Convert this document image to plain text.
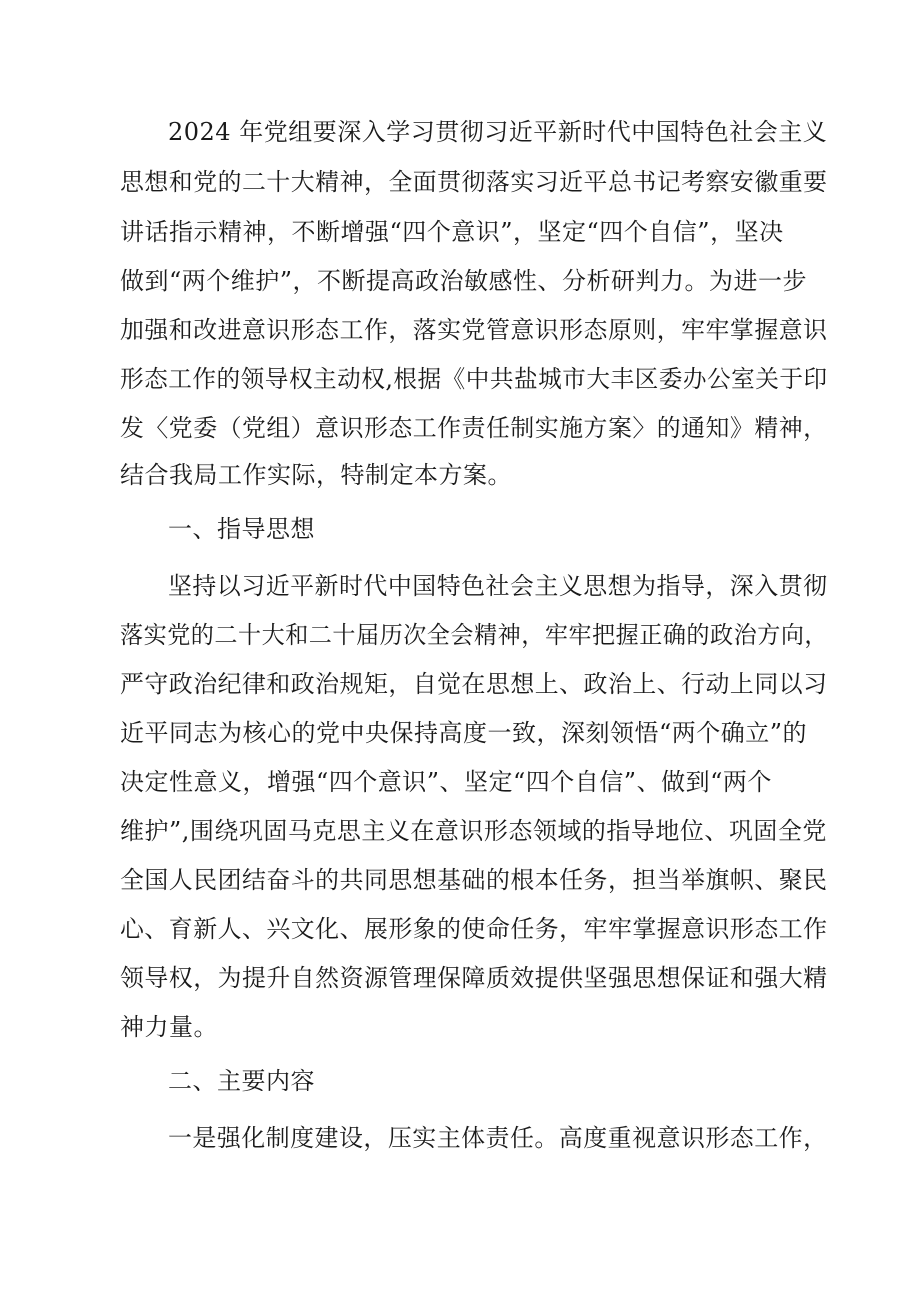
2024 年党组要深入学习贯彻习近平新时代中国特色社会主义
思想和党的二十大精神，全面贯彻落实习近平总书记考察安徽重要
讲话指示精神，不断增强“四个意识”，坚定“四个自信”，坚决
做到“两个维护”，不断提高政治敏感性、分析研判力。为进一步
加强和改进意识形态工作，落实党管意识形态原则，牢牢掌握意识
形态工作的领导权主动权,根据《中共盐城市大丰区委办公室关于印
发〈党委（党组）意识形态工作责任制实施方案〉的通知》精神，
结合我局工作实际，特制定本方案。
一、指导思想
坚持以习近平新时代中国特色社会主义思想为指导，深入贯彻
落实党的二十大和二十届历次全会精神，牢牢把握正确的政治方向，
严守政治纪律和政治规矩，自觉在思想上、政治上、行动上同以习
近平同志为核心的党中央保持高度一致，深刻领悟“两个确立”的
决定性意义，增强“四个意识”、坚定“四个自信”、做到“两个
维护”,围绕巩固马克思主义在意识形态领域的指导地位、巩固全党
全国人民团结奋斗的共同思想基础的根本任务，担当举旗帜、聚民
心、育新人、兴文化、展形象的使命任务，牢牢掌握意识形态工作
领导权，为提升自然资源管理保障质效提供坚强思想保证和强大精
神力量。
二、主要内容
一是强化制度建设，压实主体责任。高度重视意识形态工作，
